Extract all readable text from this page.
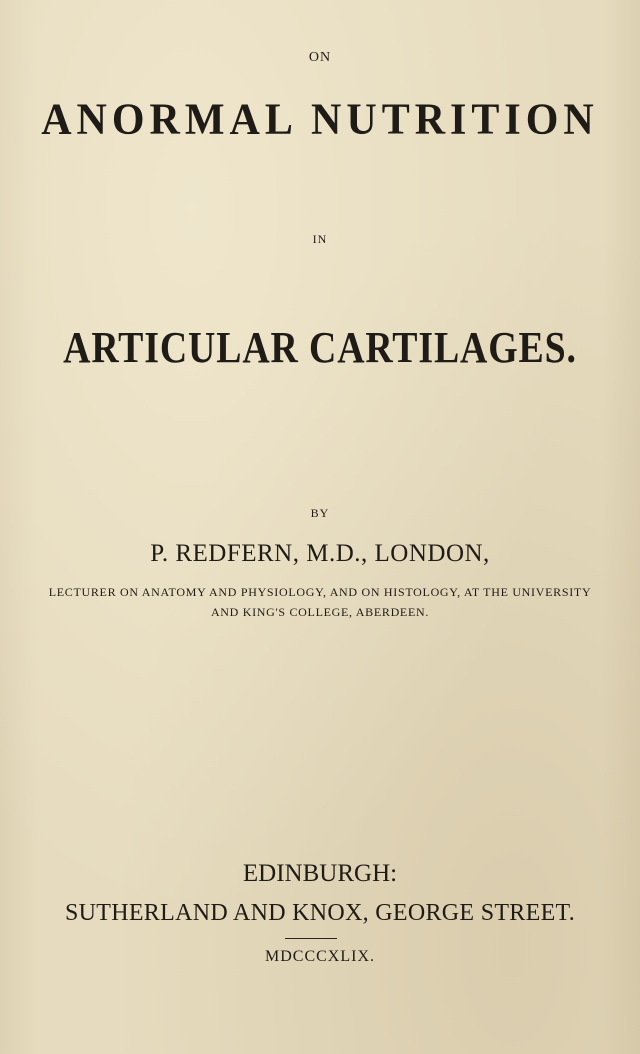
ON
ANORMAL NUTRITION
IN
ARTICULAR CARTILAGES.
BY
P. REDFERN, M.D., LONDON,
LECTURER ON ANATOMY AND PHYSIOLOGY, AND ON HISTOLOGY, AT THE UNIVERSITY
AND KING'S COLLEGE, ABERDEEN.
EDINBURGH:
SUTHERLAND AND KNOX, GEORGE STREET.
MDCCCXLIX.
